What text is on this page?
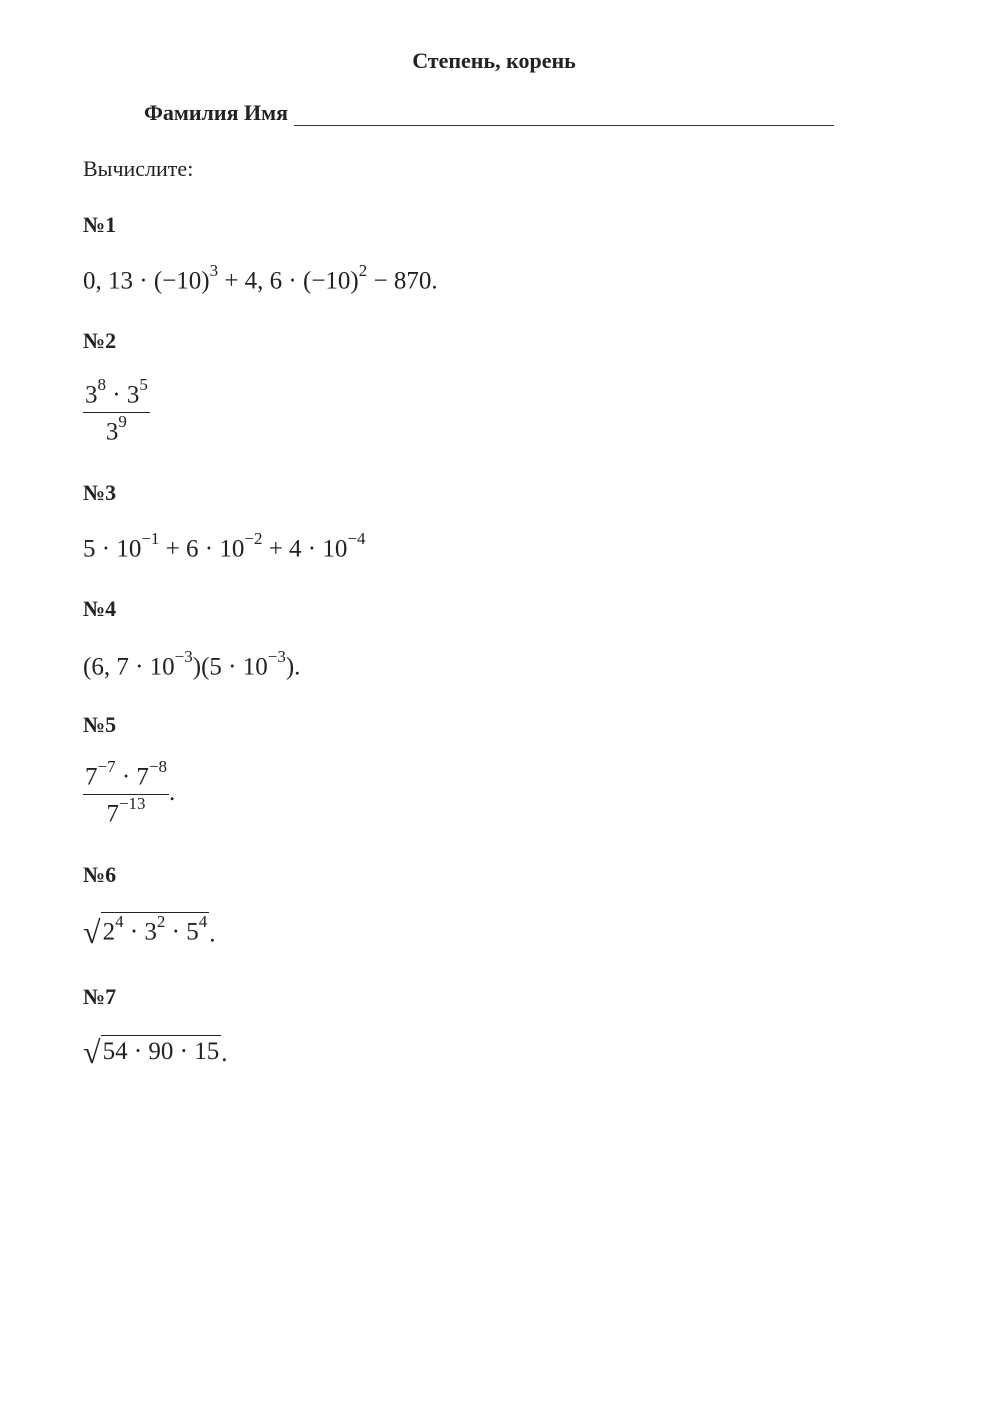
Степень, корень
Фамилия Имя
Вычислите:
№1
0, $13 \cdot (-10)^3 + 4$, $6 \cdot (-10)^2 - 870$.
№2
$\frac{3^8 \cdot 3^5}{3^9}$
№3
$5 \cdot 10^{-1} + 6 \cdot 10^{-2} + 4 \cdot 10^{-4}$
№4
(6, $7 \cdot 10^{-3})(5 \cdot 10^{-3})$.
№5
$\frac{7^{-7} \cdot 7^{-8}}{7^{-13}}$ .
№6
√ $2^4 \cdot 3^2 \cdot 5^4$ .
№7
√ 54 · 90 · 15 .
